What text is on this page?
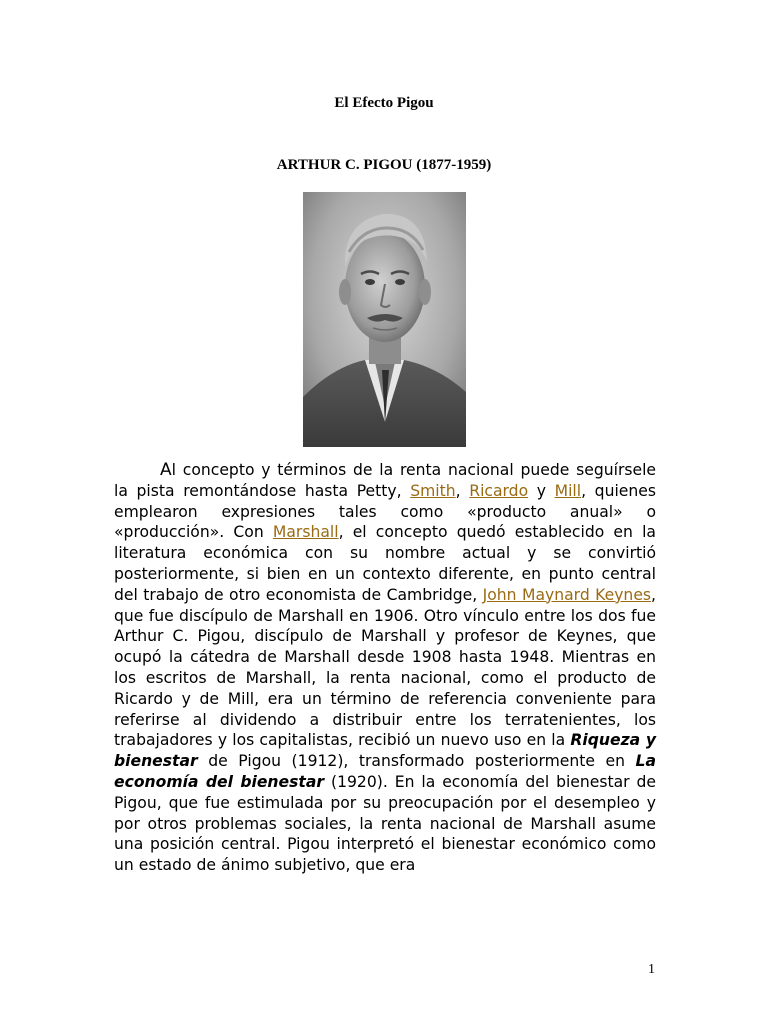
El Efecto Pigou
ARTHUR C. PIGOU (1877-1959)

Al concepto y términos de la renta nacional puede seguírsele la pista remontándose hasta Petty, Smith, Ricardo y Mill, quienes emplearon expresiones tales como «producto anual» o «producción». Con Marshall, el concepto quedó establecido en la literatura económica con su nombre actual y se convirtió posteriormente, si bien en un contexto diferente, en punto central del trabajo de otro economista de Cambridge, John Maynard Keynes, que fue discípulo de Marshall en 1906. Otro vínculo entre los dos fue Arthur C. Pigou, discípulo de Marshall y profesor de Keynes, que ocupó la cátedra de Marshall desde 1908 hasta 1948. Mientras en los escritos de Marshall, la renta nacional, como el producto de Ricardo y de Mill, era un término de referencia conveniente para referirse al dividendo a distribuir entre los terratenientes, los trabajadores y los capitalistas, recibió un nuevo uso en la Riqueza y bienestar de Pigou (1912), transformado posteriormente en La economía del bienestar (1920). En la economía del bienestar de Pigou, que fue estimulada por su preocupación por el desempleo y por otros problemas sociales, la renta nacional de Marshall asume una posición central. Pigou interpretó el bienestar económico como un estado de ánimo subjetivo, que era

1
